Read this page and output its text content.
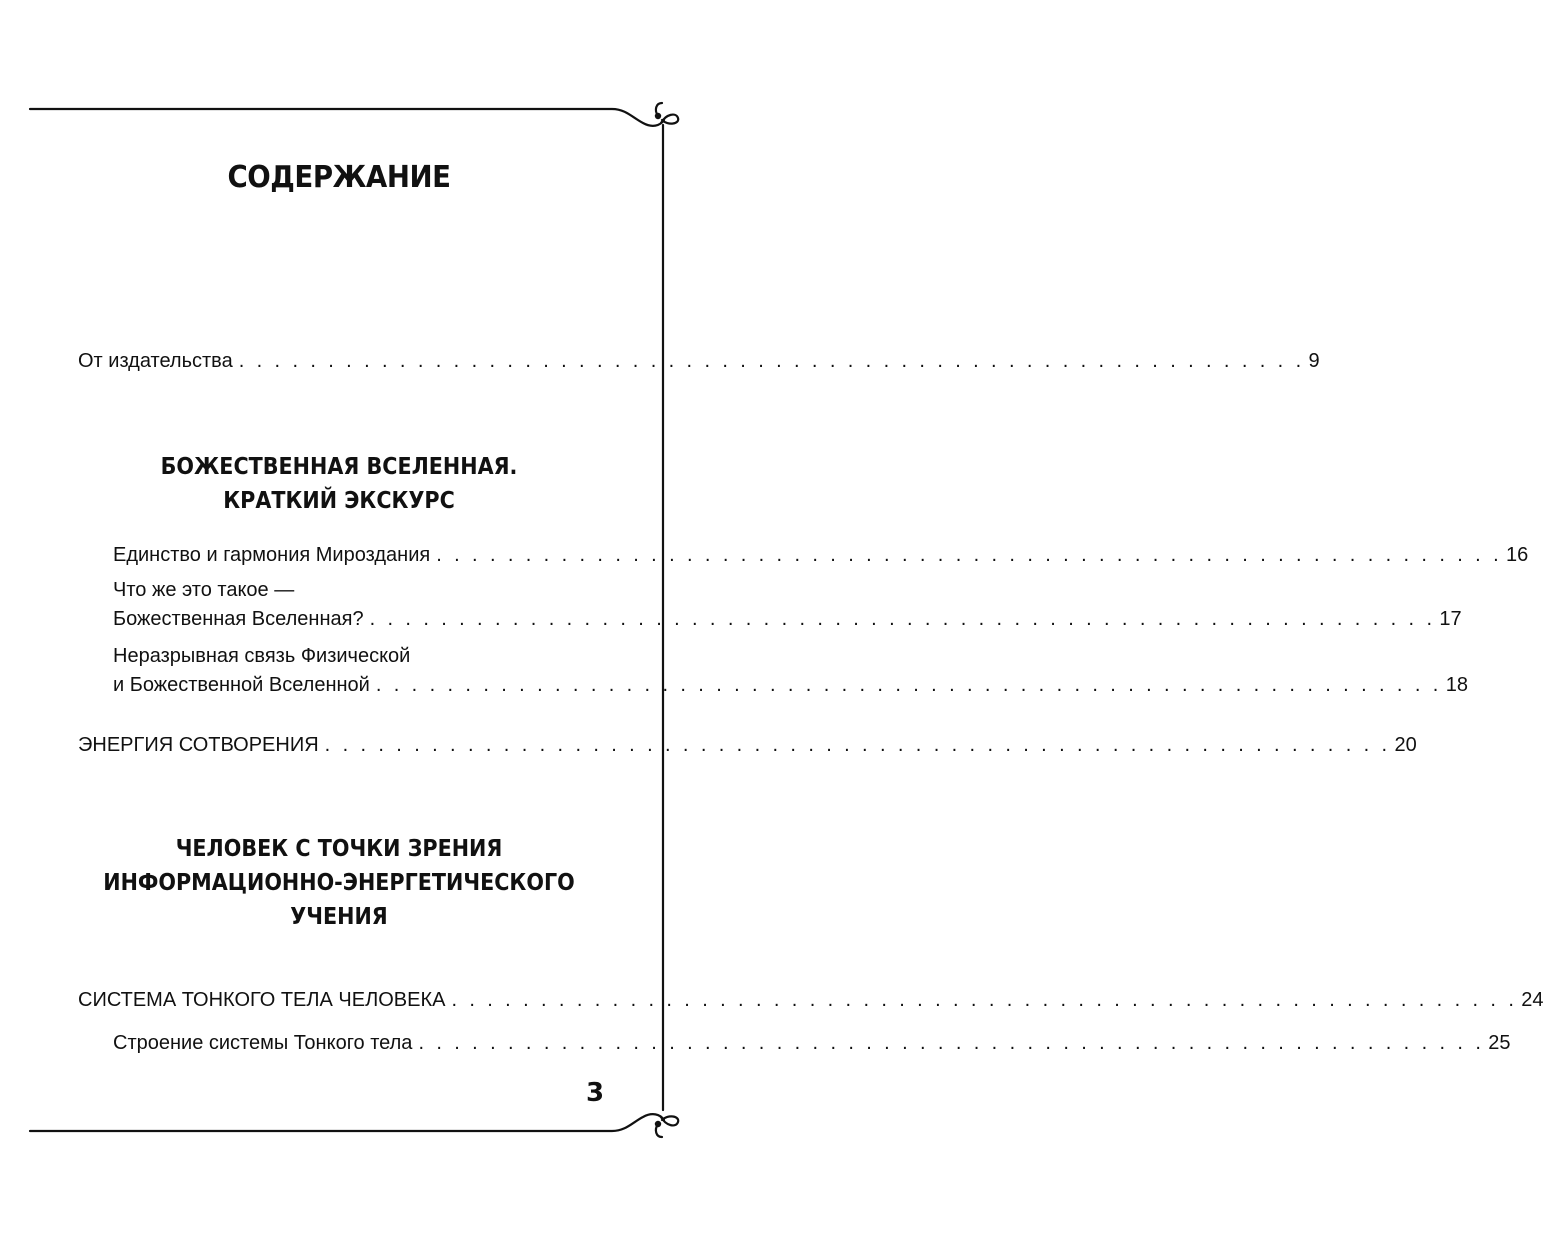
СОДЕРЖАНИЕ
От издательства . . . . . . . . . . . . . . . . . . . . . . . . . . . . . . . . . . . . . . . . . . . . . . . . . . . . . . . . . . . . 9
БОЖЕСТВЕННАЯ ВСЕЛЕННАЯ.
КРАТКИЙ ЭКСКУРС
Единство и гармония Мироздания . . . . . . . . . . . . . . . . . . . . . . . . . . . . . . . . . . . . . . . . . . . . . . . . . . . . . . . . . . . . 16
Что же это такое —
Божественная Вселенная? . . . . . . . . . . . . . . . . . . . . . . . . . . . . . . . . . . . . . . . . . . . . . . . . . . . . . . . . . . . . 17
Неразрывная связь Физической
и Божественной Вселенной . . . . . . . . . . . . . . . . . . . . . . . . . . . . . . . . . . . . . . . . . . . . . . . . . . . . . . . . . . . . 18
ЭНЕРГИЯ СОТВОРЕНИЯ . . . . . . . . . . . . . . . . . . . . . . . . . . . . . . . . . . . . . . . . . . . . . . . . . . . . . . . . . . . . 20
ЧЕЛОВЕК С ТОЧКИ ЗРЕНИЯ
ИНФОРМАЦИОННО-ЭНЕРГЕТИЧЕСКОГО
УЧЕНИЯ
СИСТЕМА ТОНКОГО ТЕЛА ЧЕЛОВЕКА . . . . . . . . . . . . . . . . . . . . . . . . . . . . . . . . . . . . . . . . . . . . . . . . . . . . . . . . . . . . 24
Строение системы Тонкого тела . . . . . . . . . . . . . . . . . . . . . . . . . . . . . . . . . . . . . . . . . . . . . . . . . . . . . . . . . . . . 25
3
